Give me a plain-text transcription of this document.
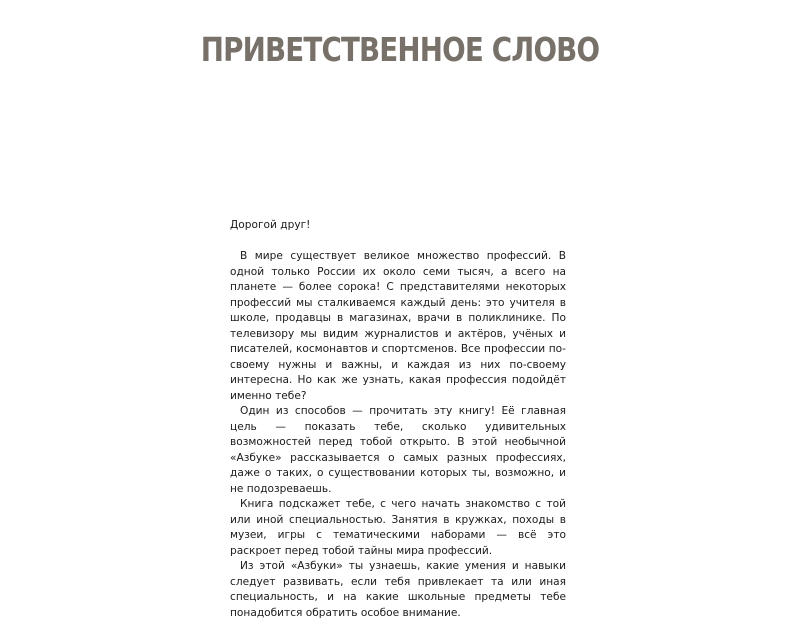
ПРИВЕТСТВЕННОЕ СЛОВО

Дорогой друг!

В мире существует великое множество профессий. В одной только России их около семи тысяч, а всего на планете — более сорока! С представителями некоторых профессий мы сталкиваемся каждый день: это учителя в школе, продавцы в магазинах, врачи в поликлинике. По телевизору мы видим журналистов и актёров, учёных и писателей, космонавтов и спортсменов. Все профессии по-своему нужны и важны, и каждая из них по-своему интересна. Но как же узнать, какая профессия подойдёт именно тебе?

Один из способов — прочитать эту книгу! Её главная цель — показать тебе, сколько удивительных возможностей перед тобой открыто. В этой необычной «Азбуке» рассказывается о самых разных профессиях, даже о таких, о существовании которых ты, возможно, и не подозреваешь.

Книга подскажет тебе, с чего начать знакомство с той или иной специальностью. Занятия в кружках, походы в музеи, игры с тематическими наборами — всё это раскроет перед тобой тайны мира профессий.

Из этой «Азбуки» ты узнаешь, какие умения и навыки следует развивать, если тебя привлекает та или иная специальность, и на какие школьные предметы тебе понадобится обратить особое внимание.
